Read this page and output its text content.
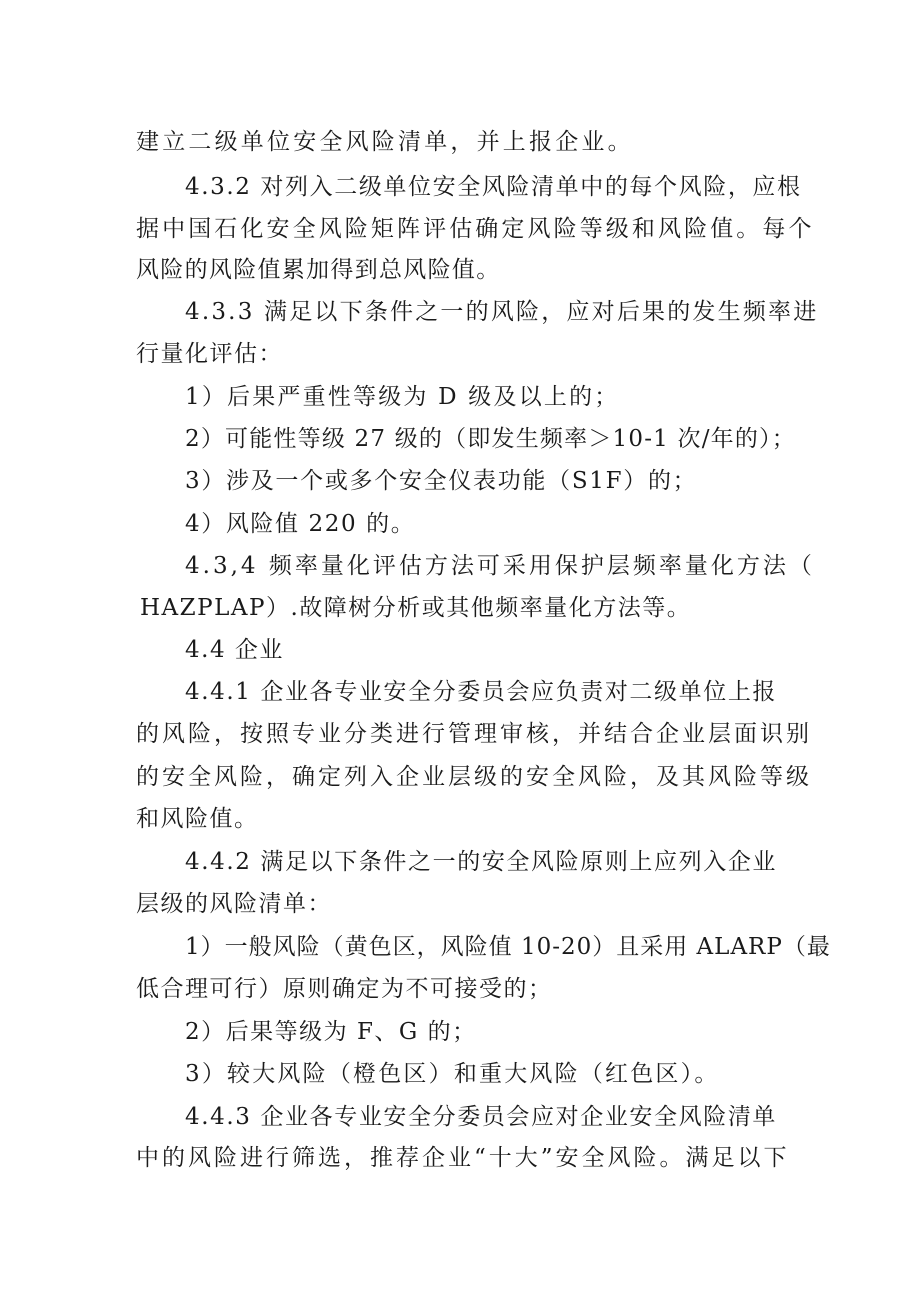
建立二级单位安全风险清单，并上报企业。

4.3.2 对列入二级单位安全风险清单中的每个风险，应根

据中国石化安全风险矩阵评估确定风险等级和风险值。每个

风险的风险值累加得到总风险值。

4.3.3 满足以下条件之一的风险，应对后果的发生频率进

行量化评估：

1）后果严重性等级为 D 级及以上的；

2）可能性等级 27 级的（即发生频率＞10-1 次/年的）；

3）涉及一个或多个安全仪表功能（S1F）的；

4）风险值 220 的。

4.3,4 频率量化评估方法可采用保护层频率量化方法（

HAZPLAP）.故障树分析或其他频率量化方法等。

4.4 企业

4.4.1 企业各专业安全分委员会应负责对二级单位上报

的风险，按照专业分类进行管理审核，并结合企业层面识别

的安全风险，确定列入企业层级的安全风险，及其风险等级

和风险值。

4.4.2 满足以下条件之一的安全风险原则上应列入企业

层级的风险清单：

1）一般风险（黄色区，风险值 10-20）且采用 ALARP（最

低合理可行）原则确定为不可接受的；

2）后果等级为 F、G 的；

3）较大风险（橙色区）和重大风险（红色区）。

4.4.3 企业各专业安全分委员会应对企业安全风险清单

中的风险进行筛选，推荐企业“十大”安全风险。满足以下
